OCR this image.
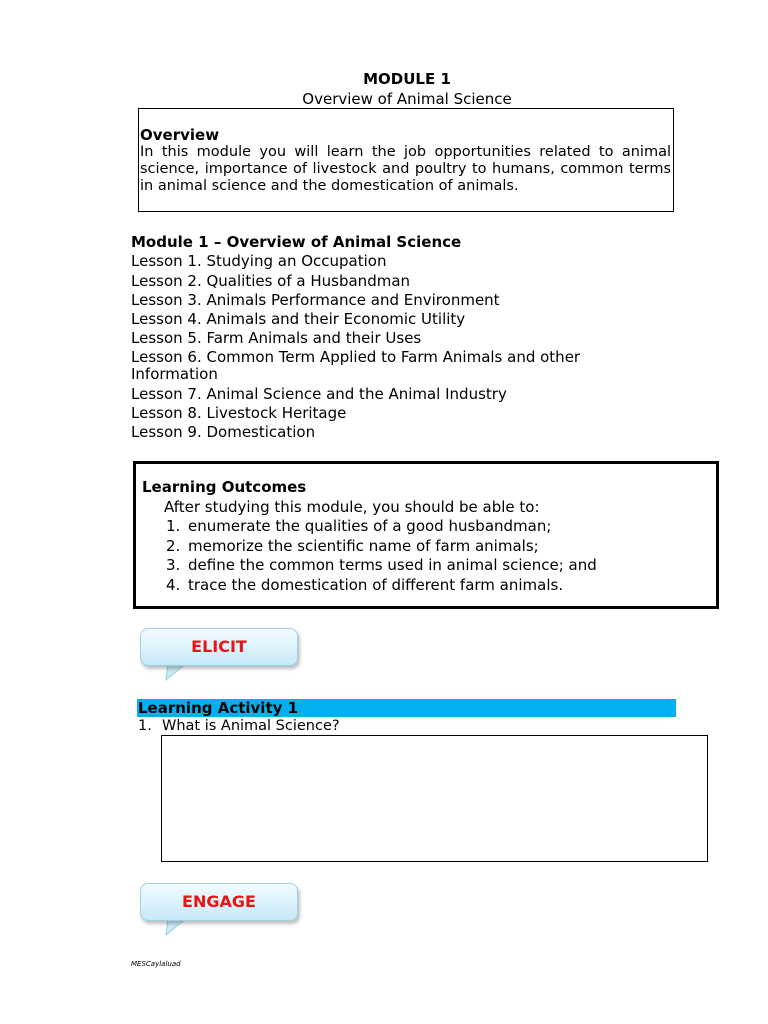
MODULE 1
Overview of Animal Science
Overview
In this module you will learn the job opportunities related to animal science, importance of livestock and poultry to humans, common terms in animal science and the domestication of animals.
Module 1 – Overview of Animal Science
Lesson 1. Studying an Occupation
Lesson 2. Qualities of a Husbandman
Lesson 3. Animals Performance and Environment
Lesson 4. Animals and their Economic Utility
Lesson 5. Farm Animals and their Uses
Lesson 6. Common Term Applied to Farm Animals and other Information
Lesson 7. Animal Science and the Animal Industry
Lesson 8. Livestock Heritage
Lesson 9. Domestication
Learning Outcomes
After studying this module, you should be able to:
1. enumerate the qualities of a good husbandman;
2. memorize the scientific name of farm animals;
3. define the common terms used in animal science; and
4. trace the domestication of different farm animals.
ELICIT
Learning Activity 1
1. What is Animal Science?
ENGAGE
MESCaylaluad
